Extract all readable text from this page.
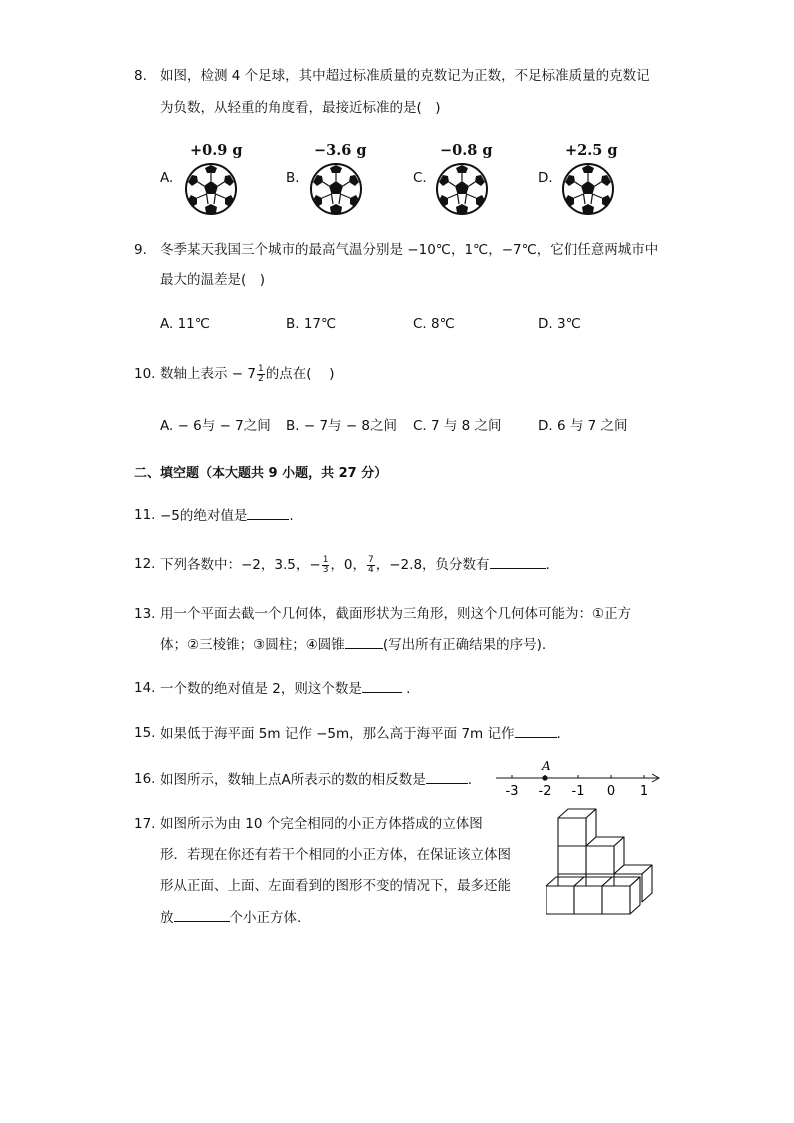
8. 如图，检测 4 个足球，其中超过标准质量的克数记为正数，不足标准质量的克数记
为负数，从轻重的角度看，最接近标准的是(　)
A.
+0.9 g
B.
−3.6 g
C.
−0.8 g
D.
+2.5 g
9. 冬季某天我国三个城市的最高气温分别是 −10℃，1℃，−7℃，它们任意两城市中
最大的温差是(　)
A. 11℃	B. 17℃	C. 8℃	D. 3℃
10. 数轴上表示 − $7 \frac{1}{2}$ 的点在(　 )
A. − 6与 − 7之间 B. − 7与 − 8之间 C. 7 与 8 之间	D. 6 与 7 之间
二、填空题（本大题共 9 小题，共 27 分）
11. −5的绝对值是	.
12. 下列各数中：−2，3.5，− $\frac{1}{3}$ ，0， $\frac{7}{4}$ ，−2.8，负分数有	.
13. 用一个平面去截一个几何体，截面形状为三角形，则这个几何体可能为：①正方
体；②三棱锥；③圆柱；④圆锥	(写出所有正确结果的序号).
14. 一个数的绝对值是 2，则这个数是	.
15. 如果低于海平面 5m 记作 −5m，那么高于海平面 7m 记作	.
16. 如图所示，数轴上点A所表示的数的相反数是	.
A
-3 -2 -1 0 1
17. 如图所示为由 10 个完全相同的小正方体搭成的立体图
形．若现在你还有若干个相同的小正方体，在保证该立体图
形从正面、上面、左面看到的图形不变的情况下，最多还能
放	个小正方体.
